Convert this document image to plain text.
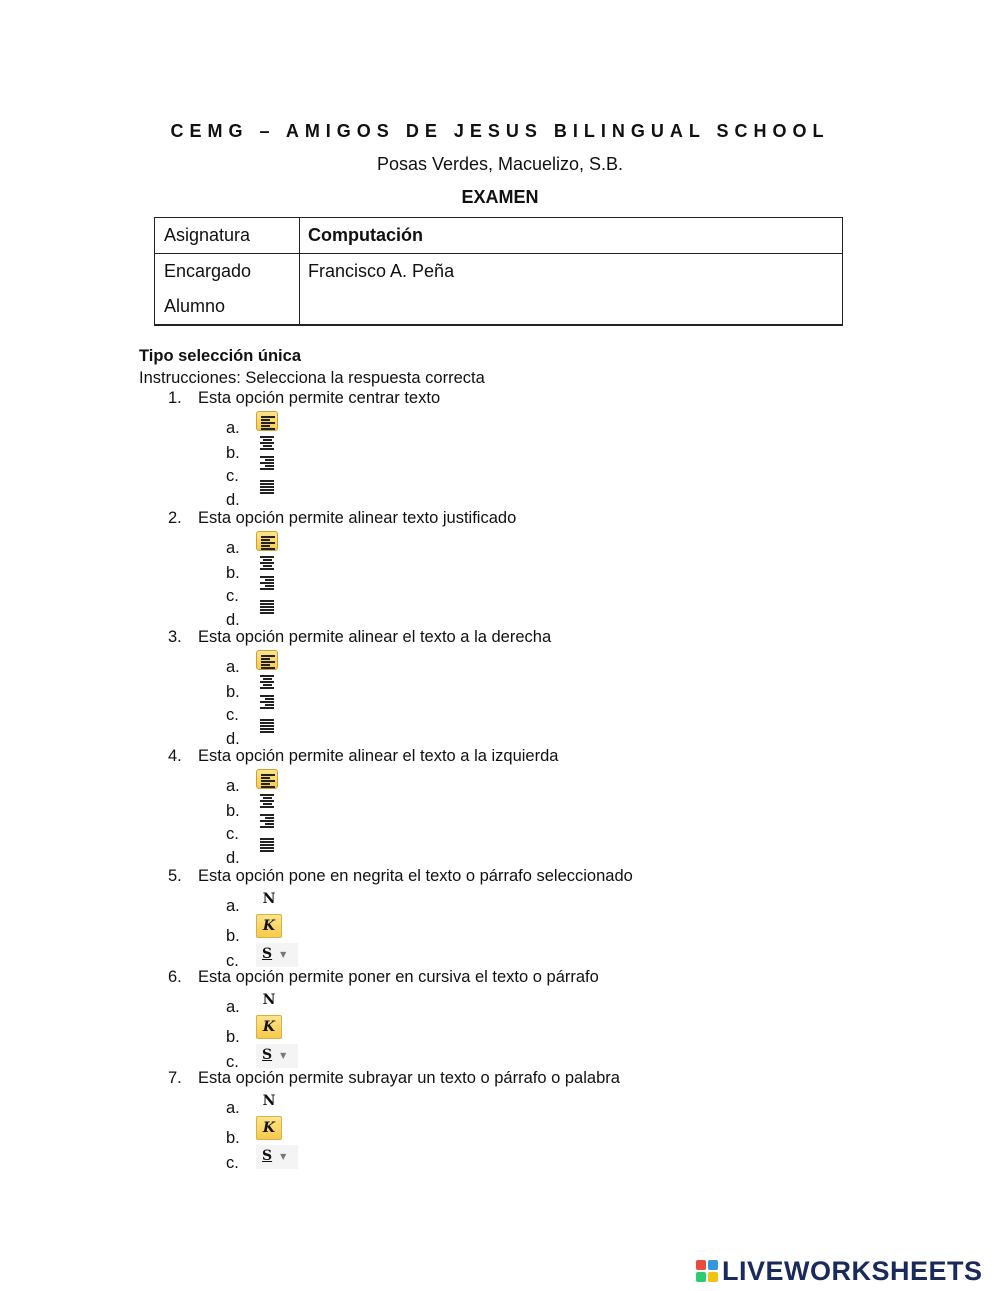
CEMG – AMIGOS DE JESUS BILINGUAL SCHOOL
Posas Verdes, Macuelizo, S.B.
EXAMEN
Asignatura	Computación
Encargado	Francisco A. Peña
Alumno
Tipo selección única
Instrucciones: Selecciona la respuesta correcta
1. Esta opción permite centrar texto
a.
b.
c.
d.
2. Esta opción permite alinear texto justificado
a.
b.
c.
d.
3. Esta opción permite alinear el texto a la derecha
a.
b.
c.
d.
4. Esta opción permite alinear el texto a la izquierda
a.
b.
c.
d.
5. Esta opción pone en negrita el texto o párrafo seleccionado
a.	N
b.
K
c.	S ▼
6. Esta opción permite poner en cursiva el texto o párrafo
a.	N
b.
K
c.	S ▼
7. Esta opción permite subrayar un texto o párrafo o palabra
a.	N
b.
K
c.	S ▼
LIVEWORKSHEETS
